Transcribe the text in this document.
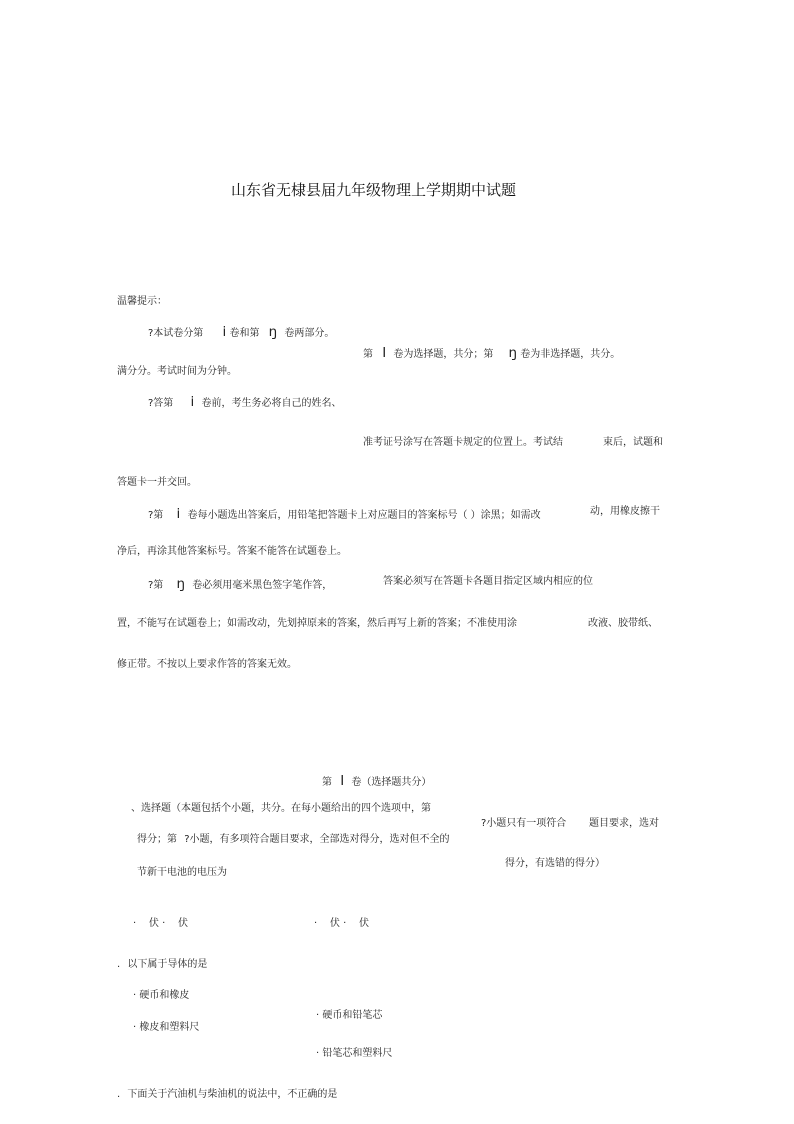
山东省无棣县届九年级物理上学期期中试题
温馨提示：
?本试卷分第 ⅰ 卷和第 ŋ 卷两部分。
第 Ⅰ 卷为选择题，共分；第 ŋ 卷为非选择题，共分。
满分分。考试时间为分钟。
?答第 ⅰ 卷前，考生务必将自己的姓名、
准考证号涂写在答题卡规定的位置上。考试结	束后，试题和
答题卡一并交回。
?第 ⅰ 卷每小题选出答案后，用铅笔把答题卡上对应题目的答案标号（ ）涂黑；如需改	动，用橡皮擦干
净后，再涂其他答案标号。答案不能答在试题卷上。
?第 ŋ 卷必须用毫米黑色签字笔作答，	答案必须写在答题卡各题目指定区域内相应的位
置，不能写在试题卷上；如需改动，先划掉原来的答案，然后再写上新的答案；不准使用涂	改液、胶带纸、
修正带。不按以上要求作答的答案无效。
第 Ⅰ 卷（选择题共分）
、选择题（本题包括个小题，共分。在每小题给出的四个选项中，第
?小题只有一项符合 题目要求，选对
得分；第 ?小题，有多项符合题目要求，全部选对得分，选对但不全的
得分，有选错的得分）
节新干电池的电压为
·    伏 ·    伏	·    伏 ·    伏
. 以下属于导体的是
· 硬币和橡皮
· 硬币和铅笔芯
· 橡皮和塑料尺
· 铅笔芯和塑料尺
. 下面关于汽油机与柴油机的说法中，不正确的是
